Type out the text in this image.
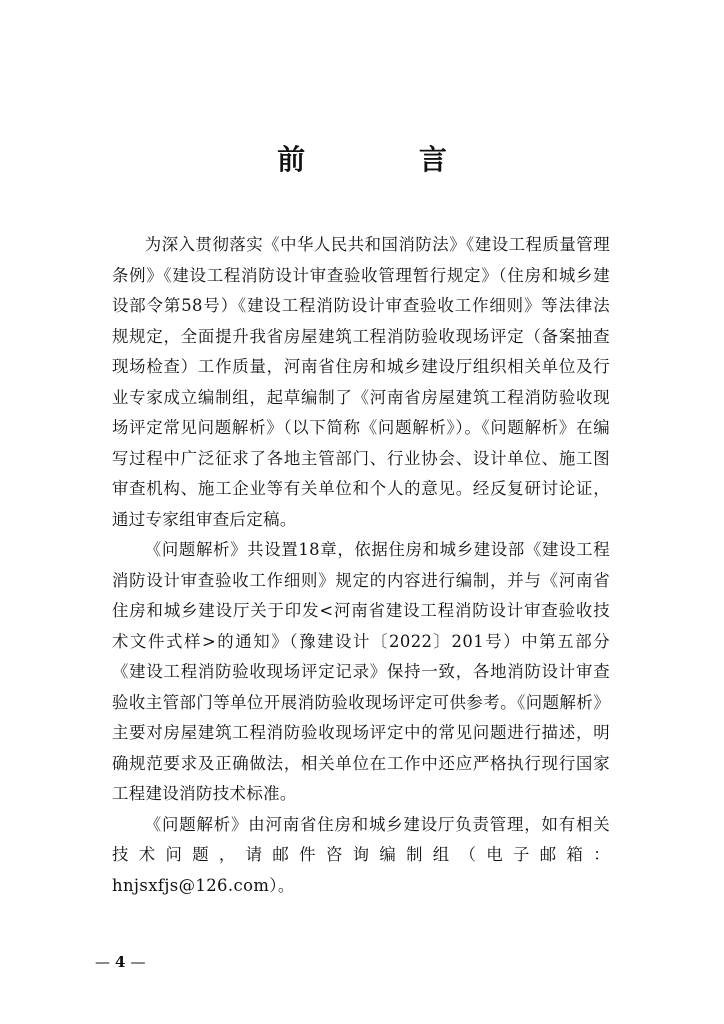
前 言

为深入贯彻落实《中华人民共和国消防法》《建设工程质量管理条例》《建设工程消防设计审查验收管理暂行规定》（住房和城乡建设部令第58号）《建设工程消防设计审查验收工作细则》等法律法规规定，全面提升我省房屋建筑工程消防验收现场评定（备案抽查现场检查）工作质量，河南省住房和城乡建设厅组织相关单位及行业专家成立编制组，起草编制了《河南省房屋建筑工程消防验收现场评定常见问题解析》（以下简称《问题解析》）。《问题解析》在编写过程中广泛征求了各地主管部门、行业协会、设计单位、施工图审查机构、施工企业等有关单位和个人的意见。经反复研讨论证，通过专家组审查后定稿。

《问题解析》共设置18章，依据住房和城乡建设部《建设工程消防设计审查验收工作细则》规定的内容进行编制，并与《河南省住房和城乡建设厅关于印发<河南省建设工程消防设计审查验收技术文件式样>的通知》（豫建设计〔2022〕201号）中第五部分《建设工程消防验收现场评定记录》保持一致，各地消防设计审查验收主管部门等单位开展消防验收现场评定可供参考。《问题解析》主要对房屋建筑工程消防验收现场评定中的常见问题进行描述，明确规范要求及正确做法，相关单位在工作中还应严格执行现行国家工程建设消防技术标准。

《问题解析》由河南省住房和城乡建设厅负责管理，如有相关技术问题，请邮件咨询编制组（电子邮箱：hnjsxfjs@126.com）。

— 4 —
